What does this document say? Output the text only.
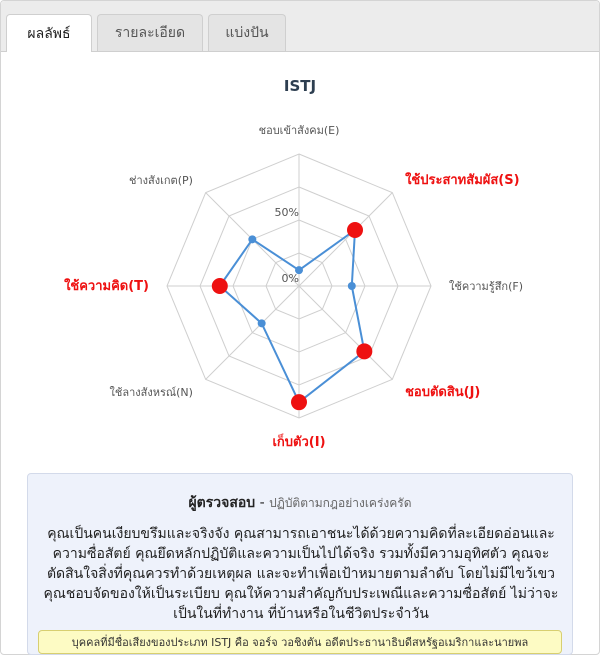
ผลลัพธ์	รายละเอียด	แบ่งปัน
ISTJ
0%
50%
ชอบเข้าสังคม(E)
ใช้ประสาทสัมผัส(S)
ใช้ความรู้สึก(F)
ชอบตัดสิน(J)
เก็บตัว(I)
ใช้ลางสังหรณ์(N)
ใช้ความคิด(T)
ช่างสังเกต(P)
ผู้ตรวจสอบ - ปฏิบัติตามกฎอย่างเคร่งครัด
คุณเป็นคนเงียบขรึมและจริงจัง คุณสามารถเอาชนะได้ด้วยความคิดที่ละเอียดอ่อนและความซื่อสัตย์ คุณยึดหลักปฏิบัติและความเป็นไปได้จริง รวมทั้งมีความอุทิศตัว คุณจะตัดสินใจสิ่งที่คุณควรทำด้วยเหตุผล และจะทำเพื่อเป้าหมายตามลำดับ โดยไม่มีไขว้เขว คุณชอบจัดของให้เป็นระเบียบ คุณให้ความสำคัญกับประเพณีและความซื่อสัตย์ ไม่ว่าจะเป็นในที่ทำงาน ที่บ้านหรือในชีวิตประจำวัน
บุคคลที่มีชื่อเสียงของประเภท ISTJ คือ จอร์จ วอชิงตัน อดีตประธานาธิบดีสหรัฐอเมริกาและนายพล
